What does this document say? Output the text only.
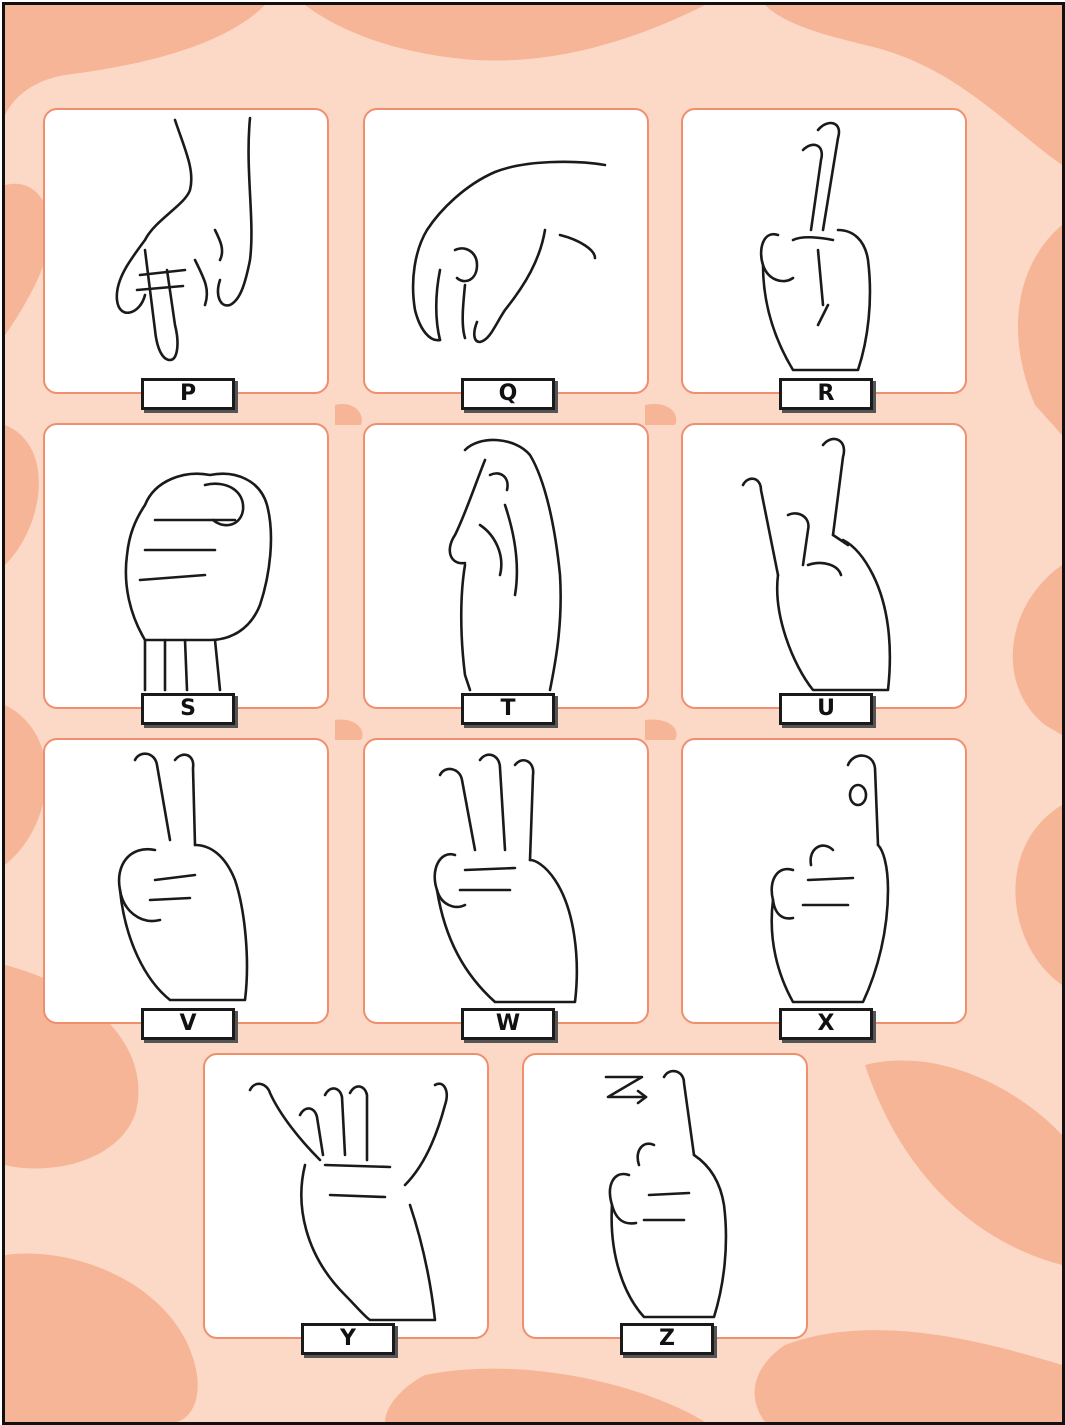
P	Q	R
S	T	U
V	W	X
Y	Z
